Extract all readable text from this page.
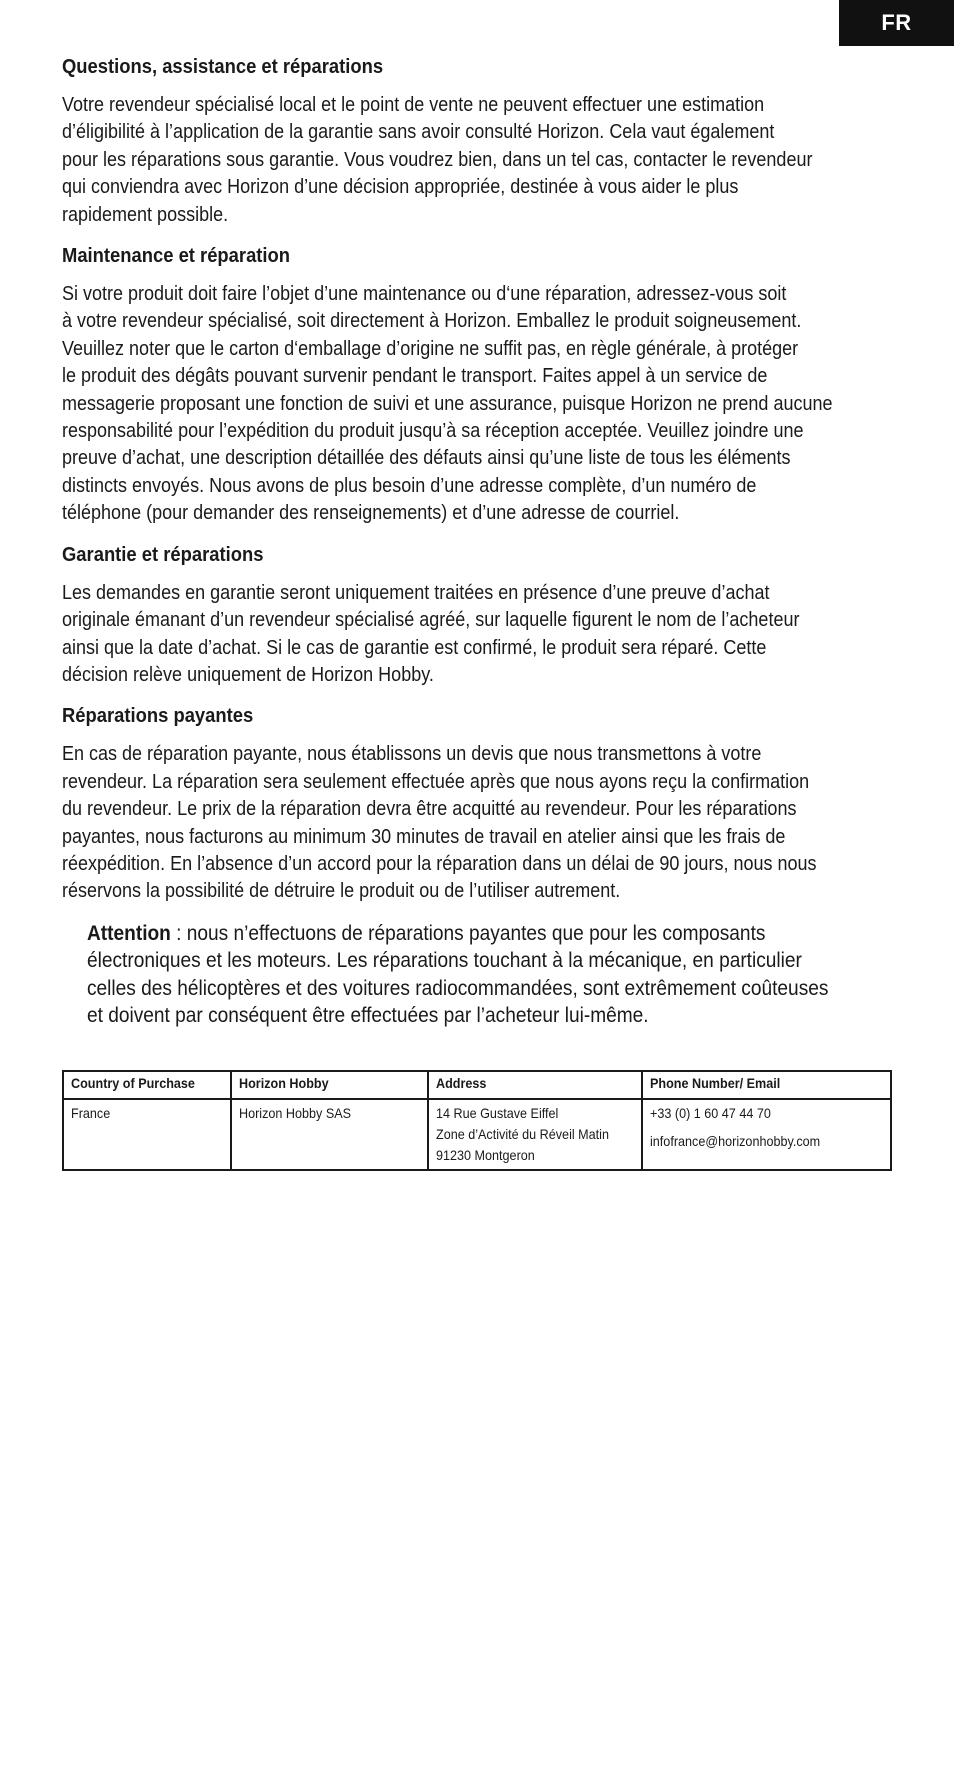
FR
Questions, assistance et réparations
Votre revendeur spécialisé local et le point de vente ne peuvent effectuer une estimation
d’éligibilité à l’application de la garantie sans avoir consulté Horizon. Cela vaut également
pour les réparations sous garantie. Vous voudrez bien, dans un tel cas, contacter le revendeur
qui conviendra avec Horizon d’une décision appropriée, destinée à vous aider le plus
rapidement possible.
Maintenance et réparation
Si votre produit doit faire l’objet d’une maintenance ou d‘une réparation, adressez-vous soit
à votre revendeur spécialisé, soit directement à Horizon. Emballez le produit soigneusement.
Veuillez noter que le carton d‘emballage d’origine ne suffit pas, en règle générale, à protéger
le produit des dégâts pouvant survenir pendant le transport. Faites appel à un service de
messagerie proposant une fonction de suivi et une assurance, puisque Horizon ne prend aucune
responsabilité pour l’expédition du produit jusqu’à sa réception acceptée. Veuillez joindre une
preuve d’achat, une description détaillée des défauts ainsi qu’une liste de tous les éléments
distincts envoyés. Nous avons de plus besoin d’une adresse complète, d’un numéro de
téléphone (pour demander des renseignements) et d’une adresse de courriel.
Garantie et réparations
Les demandes en garantie seront uniquement traitées en présence d’une preuve d’achat
originale émanant d’un revendeur spécialisé agréé, sur laquelle figurent le nom de l’acheteur
ainsi que la date d’achat. Si le cas de garantie est confirmé, le produit sera réparé. Cette
décision relève uniquement de Horizon Hobby.
Réparations payantes
En cas de réparation payante, nous établissons un devis que nous transmettons à votre
revendeur. La réparation sera seulement effectuée après que nous ayons reçu la confirmation
du revendeur. Le prix de la réparation devra être acquitté au revendeur. Pour les réparations
payantes, nous facturons au minimum 30 minutes de travail en atelier ainsi que les frais de
réexpédition. En l’absence d’un accord pour la réparation dans un délai de 90 jours, nous nous
réservons la possibilité de détruire le produit ou de l’utiliser autrement.
Attention : nous n’effectuons de réparations payantes que pour les composants
électroniques et les moteurs. Les réparations touchant à la mécanique, en particulier
celles des hélicoptères et des voitures radiocommandées, sont extrêmement coûteuses
et doivent par conséquent être effectuées par l’acheteur lui-même.
Country of Purchase	Horizon Hobby	Address	Phone Number/ Email

France	Horizon Hobby SAS	14 Rue Gustave Eiffel
Zone d’Activité du Réveil Matin
91230 Montgeron	+33 (0) 1 60 47 44 70
infofrance@horizonhobby.com
